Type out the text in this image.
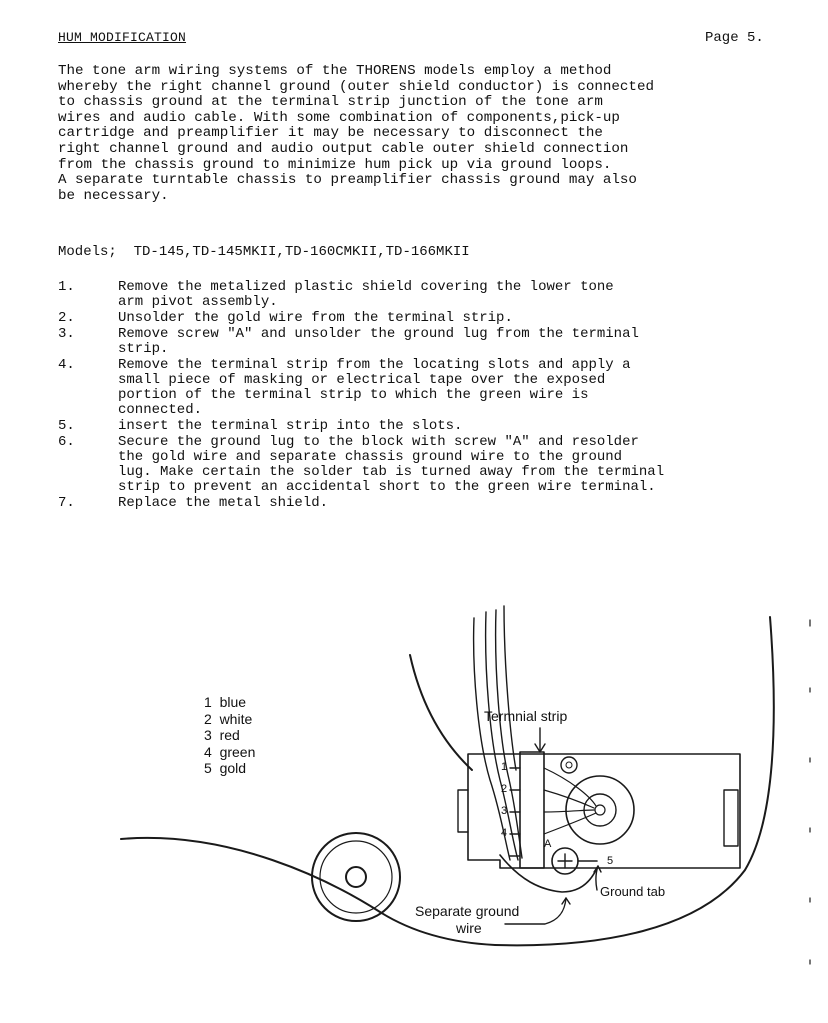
HUM MODIFICATION	Page 5.
The tone arm wiring systems of the THORENS models employ a method
whereby the right channel ground (outer shield conductor) is connected
to chassis ground at the terminal strip junction of the tone arm
wires and audio cable. With some combination of components,pick-up
cartridge and preamplifier it may be necessary to disconnect the
right channel ground and audio output cable outer shield connection
from the chassis ground to minimize hum pick up via ground loops.
A separate turntable chassis to preamplifier chassis ground may also
be necessary.
Models;  TD-145,TD-145MKII,TD-160CMKII,TD-166MKII
1.	Remove the metalized plastic shield covering the lower tone
arm pivot assembly.
2.	Unsolder the gold wire from the terminal strip.
3.	Remove screw "A" and unsolder the ground lug from the terminal
strip.
4.	Remove the terminal strip from the locating slots and apply a
small piece of masking or electrical tape over the exposed
portion of the terminal strip to which the green wire is
connected.
5.	insert the terminal strip into the slots.
6.	Secure the ground lug to the block with screw "A" and resolder
the gold wire and separate chassis ground wire to the ground
lug. Make certain the solder tab is turned away from the terminal
strip to prevent an accidental short to the green wire terminal.
7.	Replace the metal shield.
1  blue
2  white
3  red
4  green
5  gold
Termnial strip
Ground tab
Separate ground
wire
A
1
2
3
4
5
